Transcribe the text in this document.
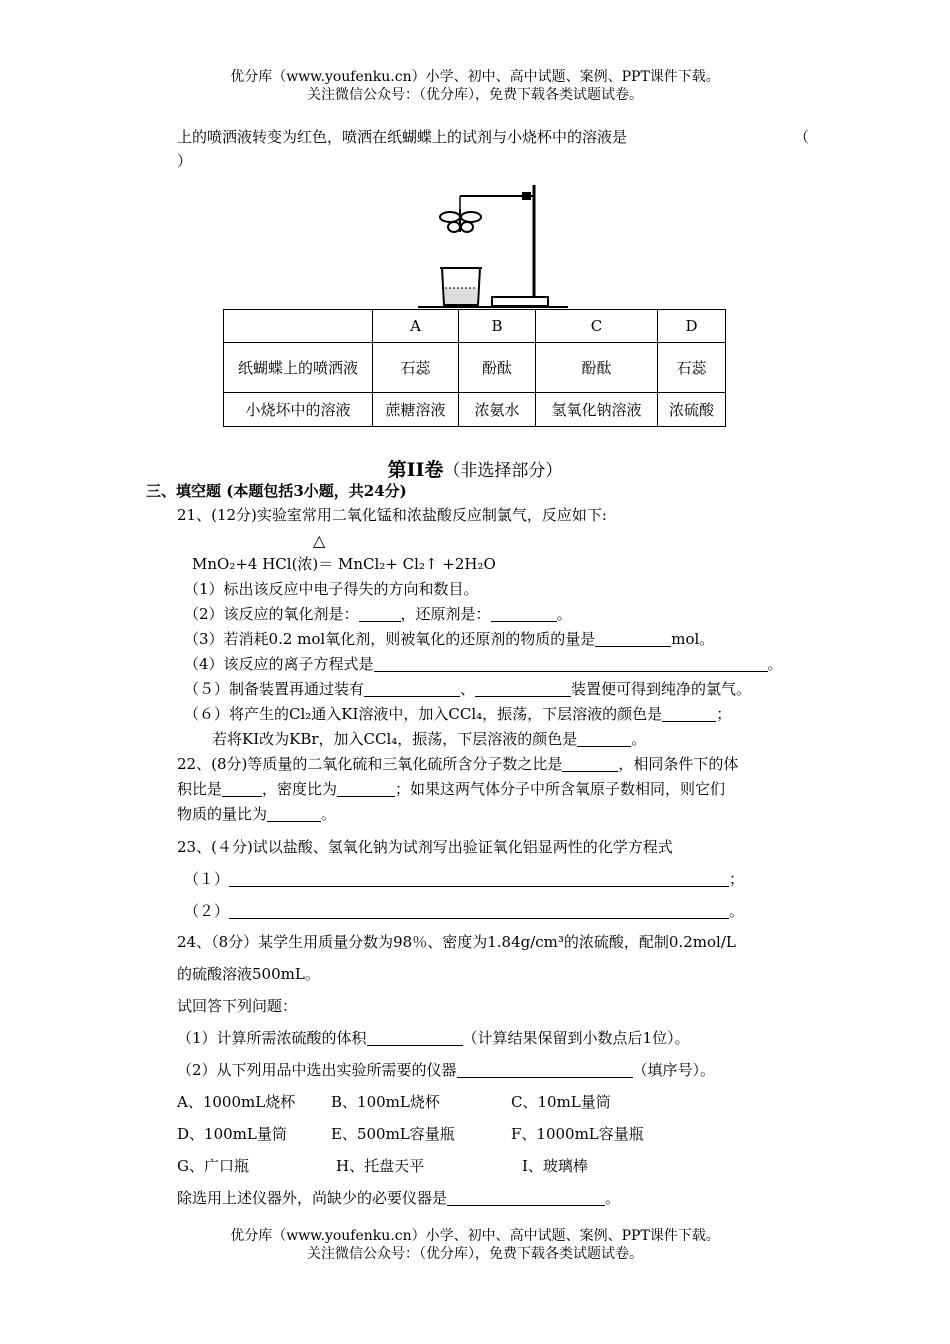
优分库（www.youfenku.cn）小学、初中、高中试题、案例、PPT课件下载。
关注微信公众号：（优分库），免费下载各类试题试卷。
上的喷洒液转变为红色，喷洒在纸蝴蝶上的试剂与小烧杯中的溶液是	（
）
	A	B	C	D
纸蝴蝶上的喷洒液	石蕊	酚酞	酚酞	石蕊
小烧坏中的溶液	蔗糖溶液	浓氨水	氢氧化钠溶液	浓硫酸
第II卷（非选择部分）
三、填空题 (本题包括3小题，共24分)
21、(12分)实验室常用二氧化锰和浓盐酸反应制氯气，反应如下:
△
MnO₂+4 HCl(浓)＝ MnCl₂+ Cl₂↑ +2H₂O
（1）标出该反应中电子得失的方向和数目。
（2）该反应的氧化剂是：	，还原剂是：	。
（3）若消耗0.2 mol氧化剂，则被氧化的还原剂的物质的量是	mol。
（4）该反应的离子方程式是	。
（５）制备装置再通过装有	、	装置便可得到纯净的氯气。
（６）将产生的Cl₂通入KI溶液中，加入CCl₄，振荡，下层溶液的颜色是	；
若将KI改为KBr，加入CCl₄，振荡，下层溶液的颜色是	。
22、(8分)等质量的二氧化硫和三氧化硫所含分子数之比是	，相同条件下的体
积比是	，密度比为	；如果这两气体分子中所含氧原子数相同，则它们
物质的量比为	。
23、(４分)试以盐酸、氢氧化钠为试剂写出验证氧化铝显两性的化学方程式
（１）	；
（２）	。
24、（8分）某学生用质量分数为98％、密度为1.84g/cm³的浓硫酸，配制0.2mol/L
的硫酸溶液500mL。
试回答下列问题：
（1）计算所需浓硫酸的体积	（计算结果保留到小数点后1位）。
（2）从下列用品中选出实验所需要的仪器	（填序号）。
A、1000mL烧杯 B、100mL烧杯	C、10mL量筒
D、100mL量筒	E、500mL容量瓶	F、1000mL容量瓶
G、广口瓶	H、托盘天平	I、玻璃棒
除选用上述仪器外，尚缺少的必要仪器是	。
优分库（www.youfenku.cn）小学、初中、高中试题、案例、PPT课件下载。
关注微信公众号：（优分库），免费下载各类试题试卷。
